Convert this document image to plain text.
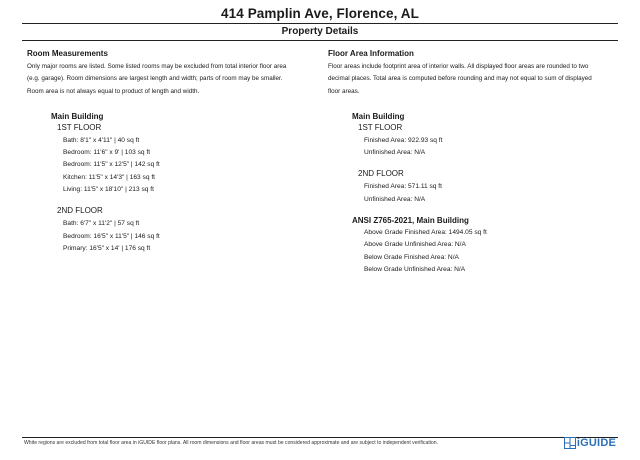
414 Pamplin Ave, Florence, AL
Property Details
Room Measurements

Only major rooms are listed. Some listed rooms may be excluded from total interior floor area
(e.g. garage). Room dimensions are largest length and width; parts of room may be smaller.
Room area is not always equal to product of length and width.

Main Building
1ST FLOOR
Bath: 8'1" x 4'11" | 40 sq ft
Bedroom: 11'6" x 9' | 103 sq ft
Bedroom: 11'5" x 12'5" | 142 sq ft
Kitchen: 11'5" x 14'3" | 163 sq ft
Living: 11'5" x 18'10" | 213 sq ft
2ND FLOOR
Bath: 6'7" x 11'2" | 57 sq ft
Bedroom: 16'5" x 11'5" | 146 sq ft
Primary: 16'5" x 14' | 176 sq ft
Floor Area Information

Floor areas include footprint area of interior walls. All displayed floor areas are rounded to two
decimal places. Total area is computed before rounding and may not equal to sum of displayed
floor areas.

Main Building
1ST FLOOR
Finished Area: 922.93 sq ft
Unfinished Area: N/A
2ND FLOOR
Finished Area: 571.11 sq ft
Unfinished Area: N/A
ANSI Z765-2021, Main Building
Above Grade Finished Area: 1494.05 sq ft
Above Grade Unfinished Area: N/A
Below Grade Finished Area: N/A
Below Grade Unfinished Area: N/A
White regions are excluded from total floor area in iGUIDE floor plans. All room dimensions and floor areas must be considered approximate and are subject to independent verification.	iGUIDE
